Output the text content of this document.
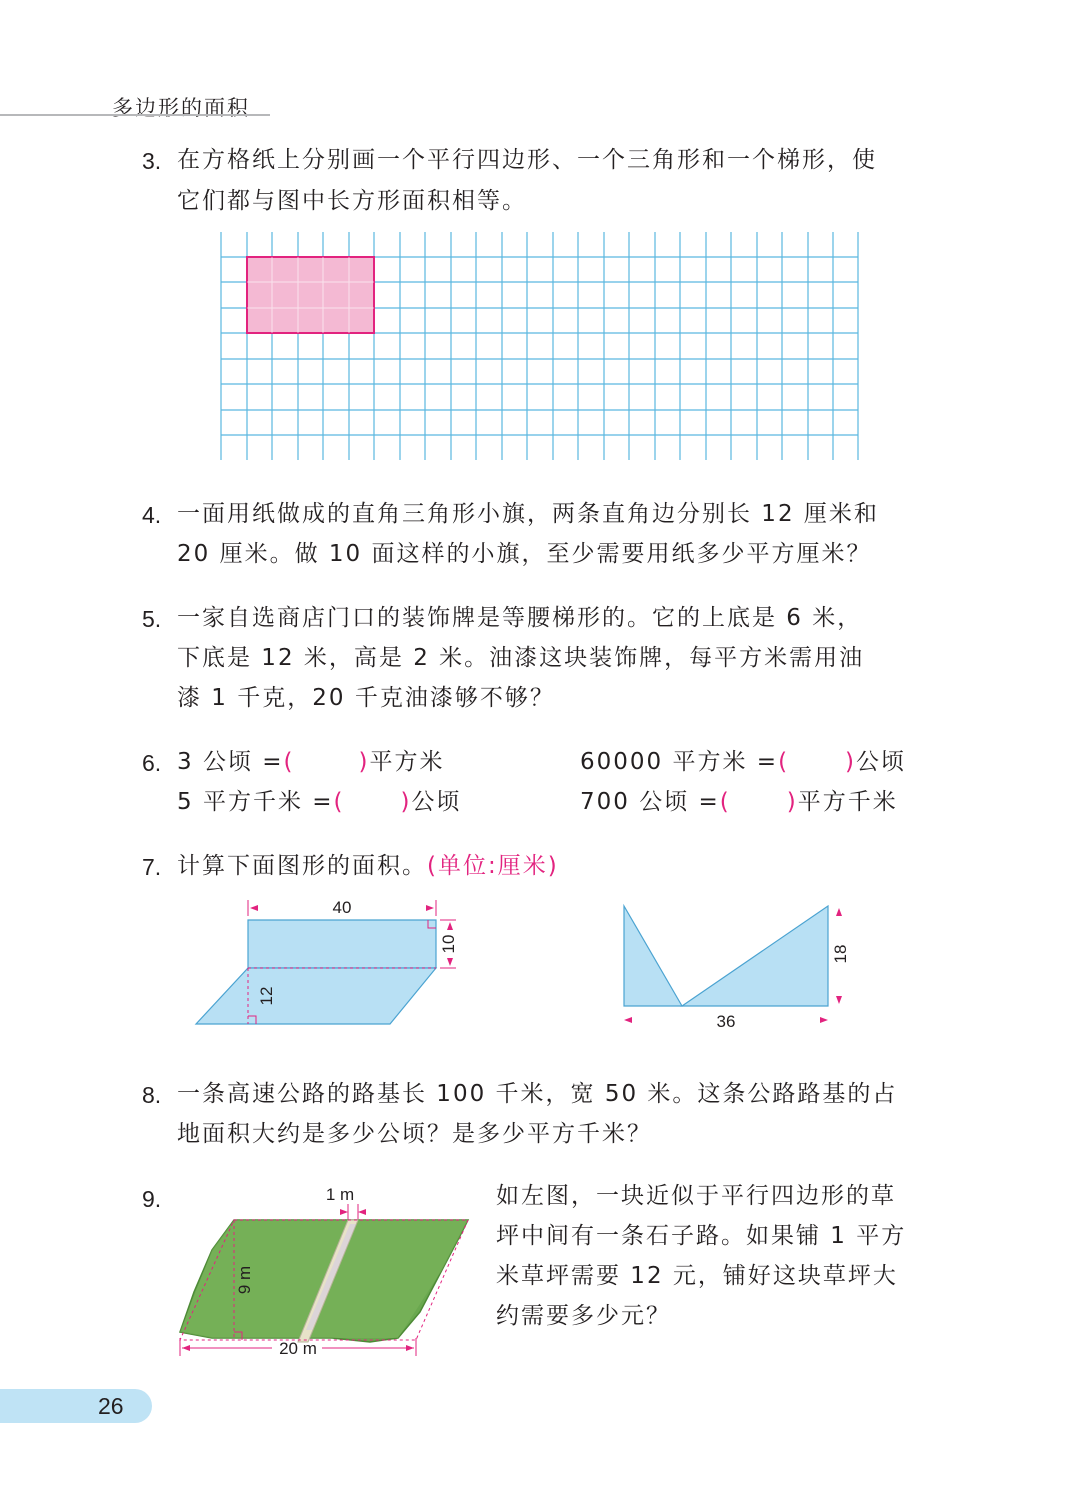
多边形的面积
3. 在方格纸上分别画一个平行四边形、一个三角形和一个梯形，使
它们都与图中长方形面积相等。
4. 一面用纸做成的直角三角形小旗，两条直角边分别长 12 厘米和
20 厘米。做 10 面这样的小旗，至少需要用纸多少平方厘米？
5. 一家自选商店门口的装饰牌是等腰梯形的。它的上底是 6 米，
下底是 12 米，高是 2 米。油漆这块装饰牌，每平方米需用油
漆 1 千克，20 千克油漆够不够？
6. 3 公顷 =(	)平方米	60000 平方米 =( )公顷
5 平方千米 =( )公顷	700 公顷 =( )平方千米
7. 计算下面图形的面积。(单位:厘米)
40
10
12
18
36
8. 一条高速公路的路基长 100 千米，宽 50 米。这条公路路基的占
地面积大约是多少公顷？是多少平方千米？
9.	1 m
9 m
20 m
如左图，一块近似于平行四边形的草
坪中间有一条石子路。如果铺 1 平方
米草坪需要 12 元，铺好这块草坪大
约需要多少元？
26
